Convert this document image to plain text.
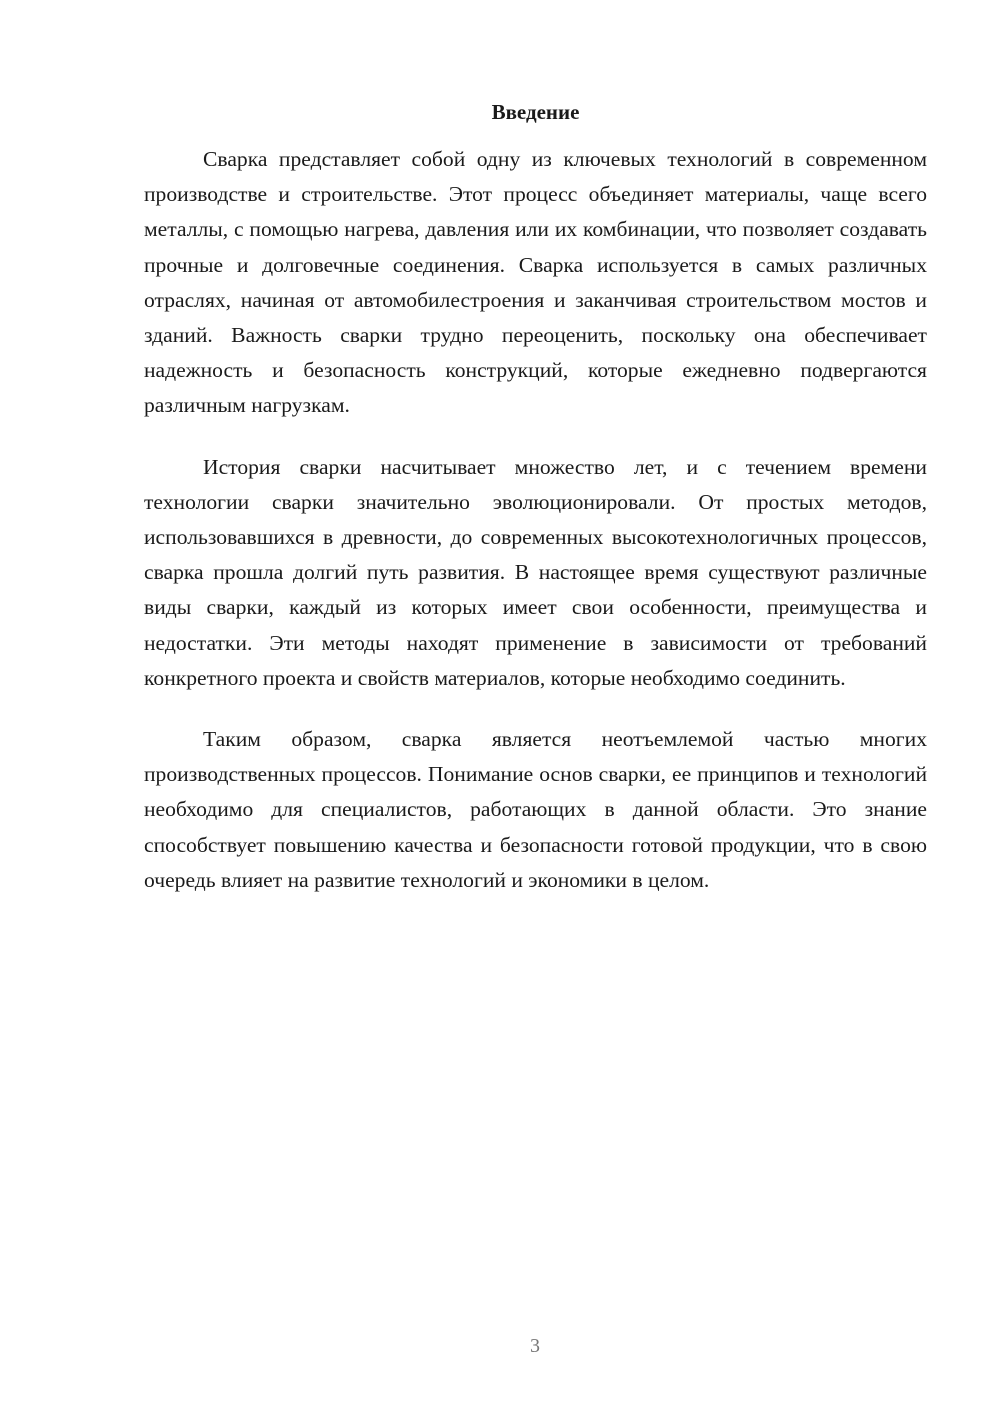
Введение

Сварка представляет собой одну из ключевых технологий в современном производстве и строительстве. Этот процесс объединяет материалы, чаще всего металлы, с помощью нагрева, давления или их комбинации, что позволяет создавать прочные и долговечные соединения. Сварка используется в самых различных отраслях, начиная от автомобилестроения и заканчивая строительством мостов и зданий. Важность сварки трудно переоценить, поскольку она обеспечивает надежность и безопасность конструкций, которые ежедневно подвергаются различным нагрузкам.

История сварки насчитывает множество лет, и с течением времени технологии сварки значительно эволюционировали. От простых методов, использовавшихся в древности, до современных высокотехнологичных процессов, сварка прошла долгий путь развития. В настоящее время существуют различные виды сварки, каждый из которых имеет свои особенности, преимущества и недостатки. Эти методы находят применение в зависимости от требований конкретного проекта и свойств материалов, которые необходимо соединить.

Таким образом, сварка является неотъемлемой частью многих производственных процессов. Понимание основ сварки, ее принципов и технологий необходимо для специалистов, работающих в данной области. Это знание способствует повышению качества и безопасности готовой продукции, что в свою очередь влияет на развитие технологий и экономики в целом.

3
